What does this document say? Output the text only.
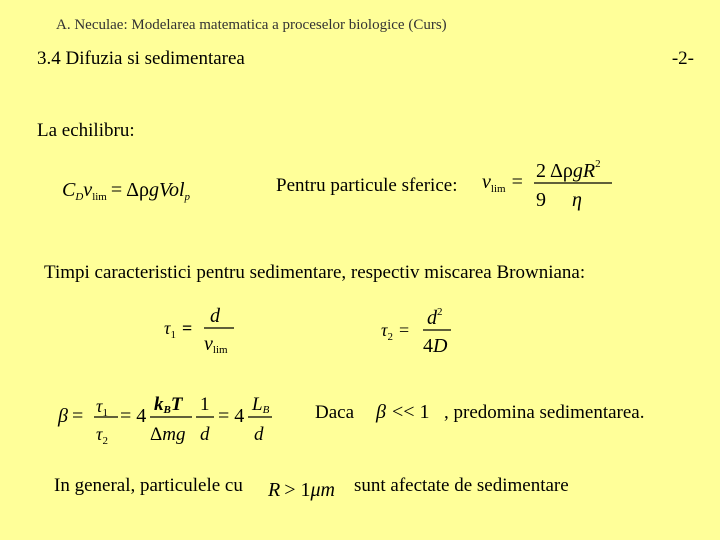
A. Neculae: Modelarea matematica a proceselor biologice (Curs)
3.4 Difuzia si sedimentarea	-2-
La echilibru:
$C_Dv_{lim}$ = ΔρgVol$_p$
Pentru particule sferice: $v_{lim} = 2$ ΔρgR$^2$
9 η
Timpi caracteristici pentru sedimentare, respectiv miscarea Browniana:
$\tau_1$ =
d
vlim
$\tau_2$ =
$d^2$
4D
$\beta = \tau_1$
$\tau_2$
= 4
kBT
Δmg
1
d
= 4
LB
d
Daca β << 1 , predomina sedimentarea.
In general, particulele cu R > 1μm sunt afectate de sedimentare
